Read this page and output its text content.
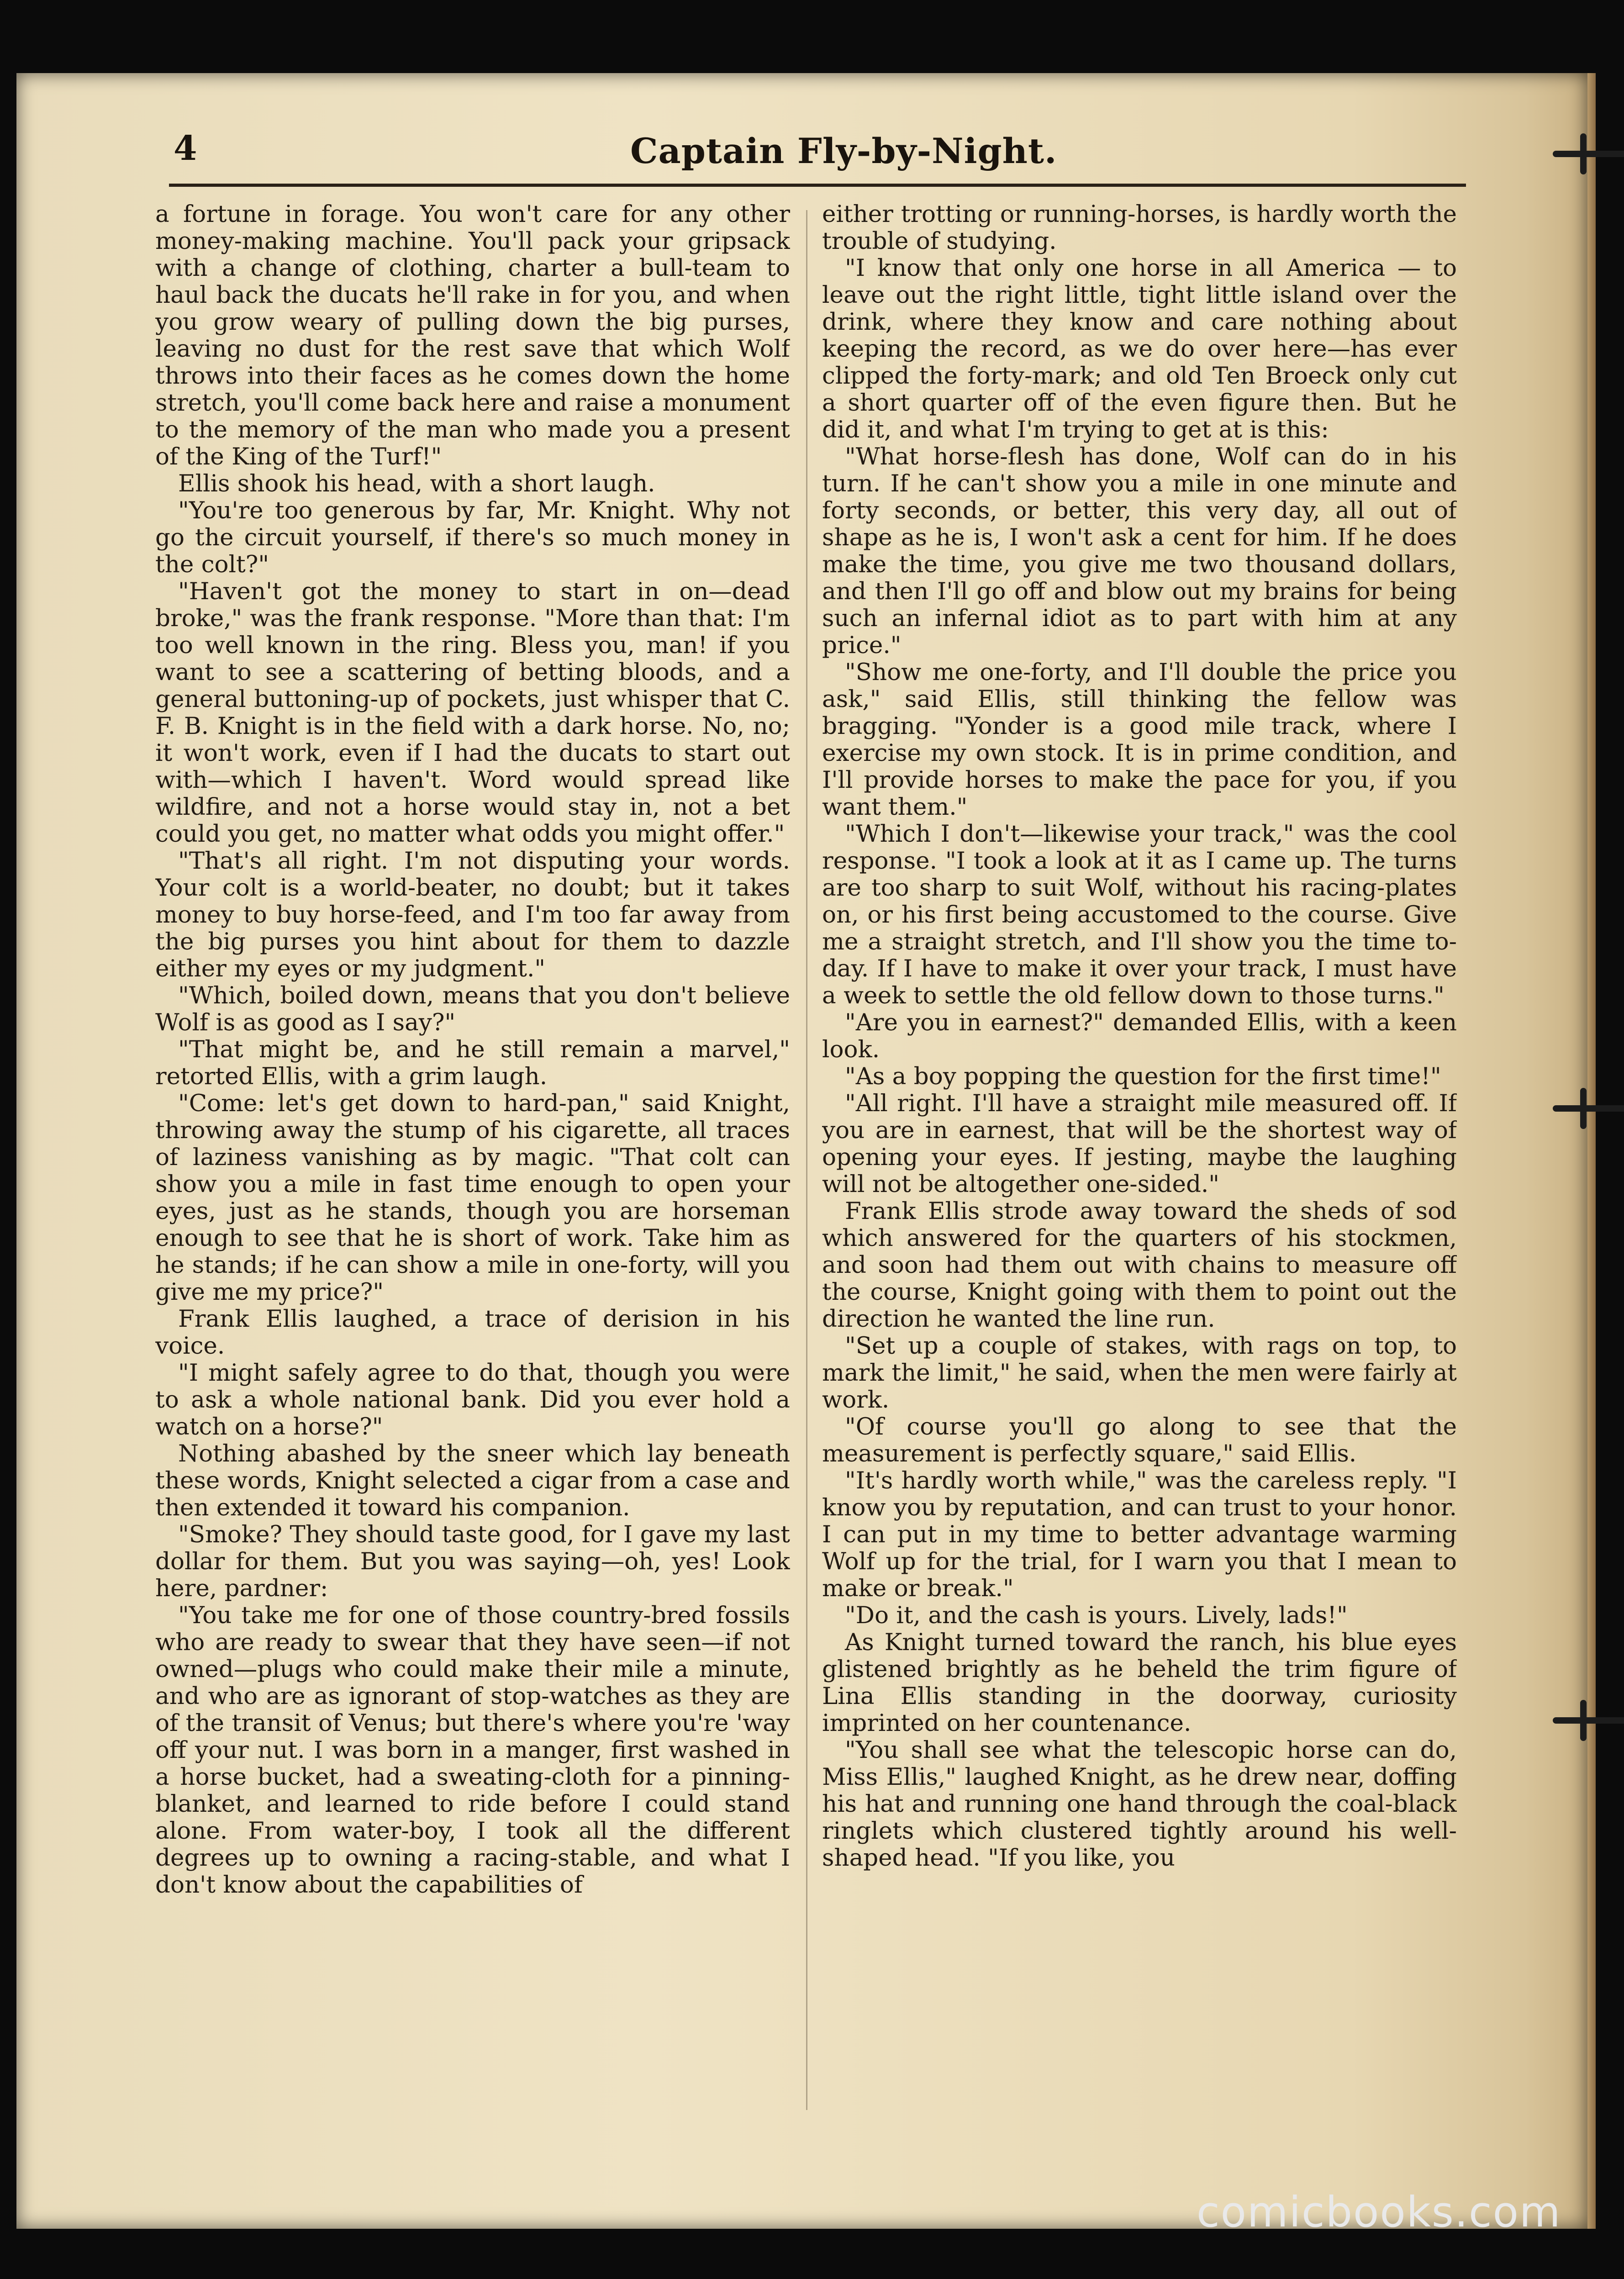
4	Captain Fly-by-Night.

a fortune in forage. You won't care for any other money-making machine. You'll pack your gripsack with a change of clothing, charter a bull-team to haul back the ducats he'll rake in for you, and when you grow weary of pulling down the big purses, leaving no dust for the rest save that which Wolf throws into their faces as he comes down the home stretch, you'll come back here and raise a monument to the memory of the man who made you a present of the King of the Turf!"

Ellis shook his head, with a short laugh.

"You're too generous by far, Mr. Knight. Why not go the circuit yourself, if there's so much money in the colt?"

"Haven't got the money to start in on—dead broke," was the frank response. "More than that: I'm too well known in the ring. Bless you, man! if you want to see a scattering of betting bloods, and a general buttoning-up of pockets, just whisper that C. F. B. Knight is in the field with a dark horse. No, no; it won't work, even if I had the ducats to start out with—which I haven't. Word would spread like wildfire, and not a horse would stay in, not a bet could you get, no matter what odds you might offer."

"That's all right. I'm not disputing your words. Your colt is a world-beater, no doubt; but it takes money to buy horse-feed, and I'm too far away from the big purses you hint about for them to dazzle either my eyes or my judgment."

"Which, boiled down, means that you don't believe Wolf is as good as I say?"

"That might be, and he still remain a marvel," retorted Ellis, with a grim laugh.

"Come: let's get down to hard-pan," said Knight, throwing away the stump of his cigarette, all traces of laziness vanishing as by magic. "That colt can show you a mile in fast time enough to open your eyes, just as he stands, though you are horseman enough to see that he is short of work. Take him as he stands; if he can show a mile in one-forty, will you give me my price?"

Frank Ellis laughed, a trace of derision in his voice.

"I might safely agree to do that, though you were to ask a whole national bank. Did you ever hold a watch on a horse?"

Nothing abashed by the sneer which lay beneath these words, Knight selected a cigar from a case and then extended it toward his companion.

"Smoke? They should taste good, for I gave my last dollar for them. But you was saying—oh, yes! Look here, pardner:

"You take me for one of those country-bred fossils who are ready to swear that they have seen—if not owned—plugs who could make their mile a minute, and who are as ignorant of stop-watches as they are of the transit of Venus; but there's where you're 'way off your nut. I was born in a manger, first washed in a horse bucket, had a sweating-cloth for a pinning-blanket, and learned to ride before I could stand alone. From water-boy, I took all the different degrees up to owning a racing-stable, and what I don't know about the capabilities of

either trotting or running-horses, is hardly worth the trouble of studying.

"I know that only one horse in all America — to leave out the right little, tight little island over the drink, where they know and care nothing about keeping the record, as we do over here—has ever clipped the forty-mark; and old Ten Broeck only cut a short quarter off of the even figure then. But he did it, and what I'm trying to get at is this:

"What horse-flesh has done, Wolf can do in his turn. If he can't show you a mile in one minute and forty seconds, or better, this very day, all out of shape as he is, I won't ask a cent for him. If he does make the time, you give me two thousand dollars, and then I'll go off and blow out my brains for being such an infernal idiot as to part with him at any price."

"Show me one-forty, and I'll double the price you ask," said Ellis, still thinking the fellow was bragging. "Yonder is a good mile track, where I exercise my own stock. It is in prime condition, and I'll provide horses to make the pace for you, if you want them."

"Which I don't—likewise your track," was the cool response. "I took a look at it as I came up. The turns are too sharp to suit Wolf, without his racing-plates on, or his first being accustomed to the course. Give me a straight stretch, and I'll show you the time to-day. If I have to make it over your track, I must have a week to settle the old fellow down to those turns."

"Are you in earnest?" demanded Ellis, with a keen look.

"As a boy popping the question for the first time!"

"All right. I'll have a straight mile measured off. If you are in earnest, that will be the shortest way of opening your eyes. If jesting, maybe the laughing will not be altogether one-sided."

Frank Ellis strode away toward the sheds of sod which answered for the quarters of his stockmen, and soon had them out with chains to measure off the course, Knight going with them to point out the direction he wanted the line run.

"Set up a couple of stakes, with rags on top, to mark the limit," he said, when the men were fairly at work.

"Of course you'll go along to see that the measurement is perfectly square," said Ellis.

"It's hardly worth while," was the careless reply. "I know you by reputation, and can trust to your honor. I can put in my time to better advantage warming Wolf up for the trial, for I warn you that I mean to make or break."

"Do it, and the cash is yours. Lively, lads!"

As Knight turned toward the ranch, his blue eyes glistened brightly as he beheld the trim figure of Lina Ellis standing in the doorway, curiosity imprinted on her countenance.

"You shall see what the telescopic horse can do, Miss Ellis," laughed Knight, as he drew near, doffing his hat and running one hand through the coal-black ringlets which clustered tightly around his well-shaped head. "If you like, you

comicbooks.com
